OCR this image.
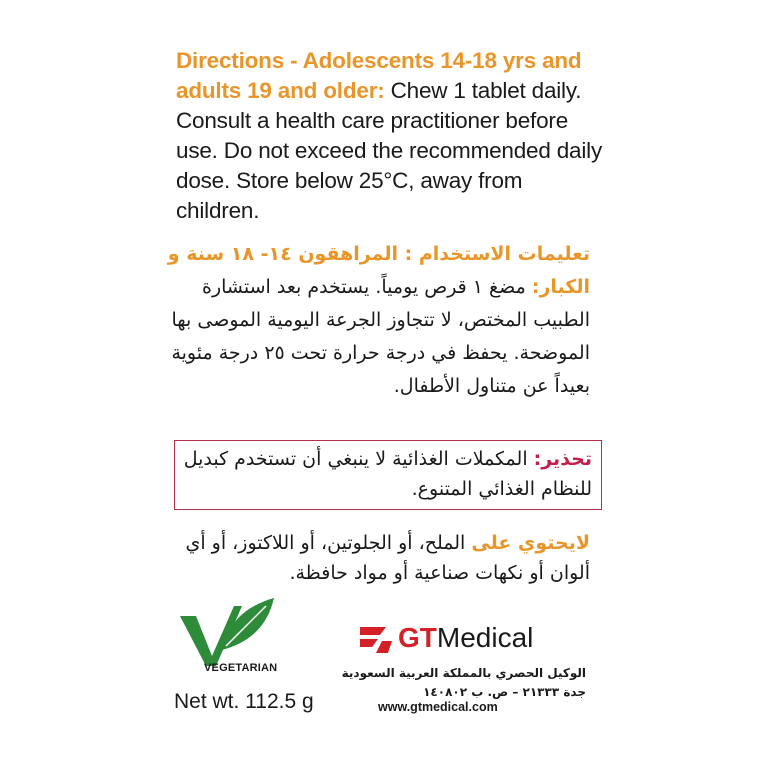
Directions - Adolescents 14-18 yrs and adults 19 and older: Chew 1 tablet daily. Consult a health care practitioner before use. Do not exceed the recommended daily dose. Store below 25°C, away from children.
تعليمات الاستخدام : المراهقون ١٤- ١٨ سنة و الكبار: مضغ ١ قرص يومياً. يستخدم بعد استشارة الطبيب المختص، لا تتجاوز الجرعة اليومية الموصى بها الموضحة. يحفظ في درجة حرارة تحت ٢٥ درجة مئوية بعيداً عن متناول الأطفال.
تحذير: المكملات الغذائية لا ينبغي أن تستخدم كبديل للنظام الغذائي المتنوع.
لايحتوي على الملح، أو الجلوتين، أو اللاكتوز، أو أي ألوان أو نكهات صناعية أو مواد حافظة.
VEGETARIAN
Net wt. 112.5 g
GTMedical
الوكيل الحصري بالمملكة العربية السعودية
جدة ٢١٣٣٣ – ص. ب ١٤٠٨٠٢
www.gtmedical.com
